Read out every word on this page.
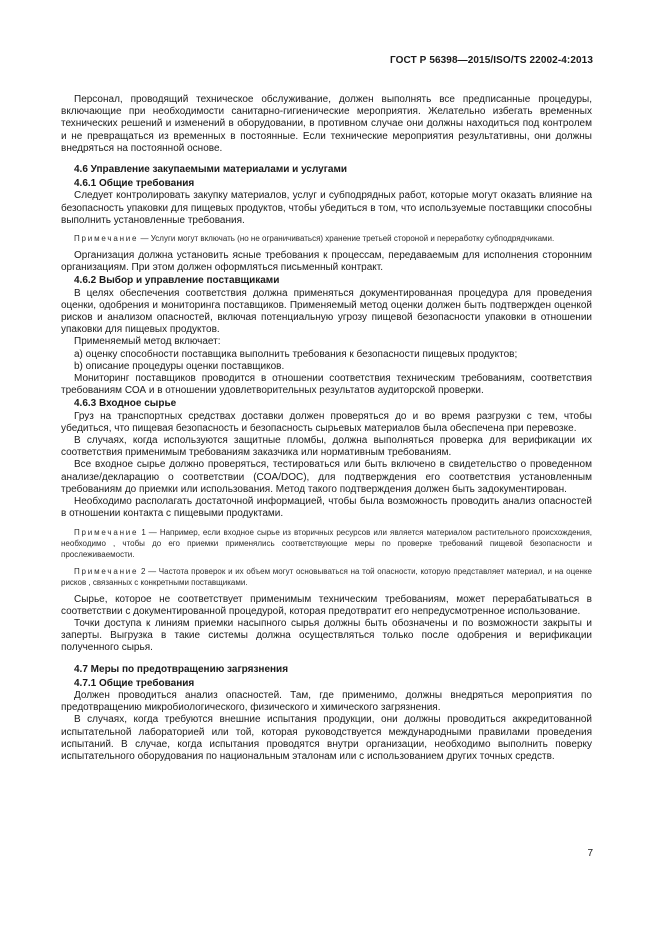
ГОСТ Р 56398—2015/ISO/TS 22002-4:2013

Персонал, проводящий техническое обслуживание, должен выполнять все предписанные процедуры, включающие при необходимости санитарно-гигиенические мероприятия. Желательно избегать временных технических решений и изменений в оборудовании, в противном случае они должны находиться под контролем и не превращаться из временных в постоянные. Если технические мероприятия результативны, они должны внедряться на постоянной основе.

4.6 Управление закупаемыми материалами и услугами

4.6.1 Общие требования

Следует контролировать закупку материалов, услуг и субподрядных работ, которые могут оказать влияние на безопасность упаковки для пищевых продуктов, чтобы убедиться в том, что используемые поставщики способны выполнить установленные требования.

Примечание — Услуги могут включать (но не ограничиваться) хранение третьей стороной и переработку субподрядчиками.

Организация должна установить ясные требования к процессам, передаваемым для исполнения сторонним организациям. При этом должен оформляться письменный контракт.

4.6.2 Выбор и управление поставщиками

В целях обеспечения соответствия должна применяться документированная процедура для проведения оценки, одобрения и мониторинга поставщиков. Применяемый метод оценки должен быть подтвержден оценкой рисков и анализом опасностей, включая потенциальную угрозу пищевой безопасности упаковки в отношении упаковки для пищевых продуктов.

Применяемый метод включает:

а) оценку способности поставщика выполнить требования к безопасности пищевых продуктов;

b) описание процедуры оценки поставщиков.

Мониторинг поставщиков проводится в отношении соответствия техническим требованиям, соответствия требованиям СОА и в отношении удовлетворительных результатов аудиторской проверки.

4.6.3 Входное сырье

Груз на транспортных средствах доставки должен проверяться до и во время разгрузки с тем, чтобы убедиться, что пищевая безопасность и безопасность сырьевых материалов была обеспечена при перевозке.

В случаях, когда используются защитные пломбы, должна выполняться проверка для верификации их соответствия применимым требованиям заказчика или нормативным требованиям.

Все входное сырье должно проверяться, тестироваться или быть включено в свидетельство о проведенном анализе/декларацию о соответствии (COA/DOC), для подтверждения его соответствия установленным требованиям до приемки или использования. Метод такого подтверждения должен быть задокументирован.

Необходимо располагать достаточной информацией, чтобы была возможность проводить анализ опасностей в отношении контакта с пищевыми продуктами.

Примечание 1 — Например, если входное сырье из вторичных ресурсов или является материалом растительного происхождения, необходимо , чтобы до его приемки применялись соответствующие меры по проверке требований пищевой безопасности и прослеживаемости.

Примечание 2 — Частота проверок и их объем могут основываться на той опасности, которую представляет материал, и на оценке рисков , связанных с конкретными поставщиками.

Сырье, которое не соответствует применимым техническим требованиям, может перерабатываться в соответствии с документированной процедурой, которая предотвратит его непредусмотренное использование.

Точки доступа к линиям приемки насыпного сырья должны быть обозначены и по возможности закрыты и заперты. Выгрузка в такие системы должна осуществляться только после одобрения и верификации полученного сырья.

4.7 Меры по предотвращению загрязнения

4.7.1 Общие требования

Должен проводиться анализ опасностей. Там, где применимо, должны внедряться мероприятия по предотвращению микробиологического, физического и химического загрязнения.

В случаях, когда требуются внешние испытания продукции, они должны проводиться аккредитованной испытательной лабораторией или той, которая руководствуется международными правилами проведения испытаний. В случае, когда испытания проводятся внутри организации, необходимо выполнить поверку испытательного оборудования по национальным эталонам или с использованием других точных средств.

7
